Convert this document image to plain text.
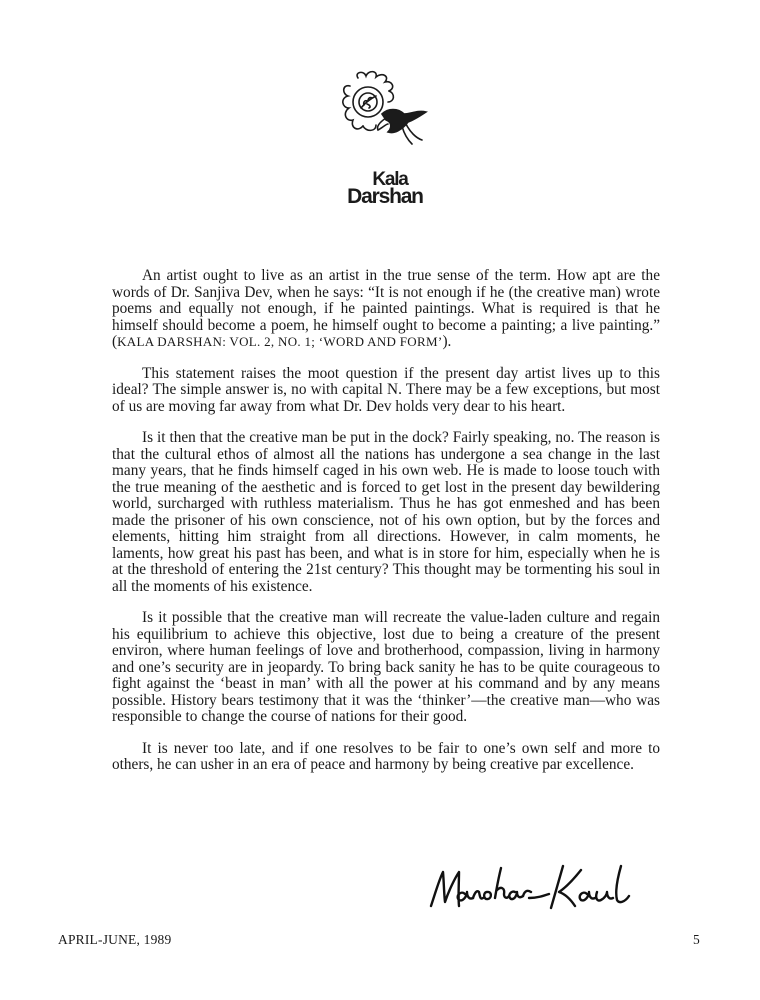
Kala
Darshan

An artist ought to live as an artist in the true sense of the term. How apt are the words of Dr. Sanjiva Dev, when he says: “It is not enough if he (the creative man) wrote poems and equally not enough, if he painted paintings. What is required is that he himself should become a poem, he himself ought to become a painting; a live painting.” (KALA DARSHAN: VOL. 2, NO. 1; ‘WORD AND FORM’).

This statement raises the moot question if the present day artist lives up to this ideal? The simple answer is, no with capital N. There may be a few exceptions, but most of us are moving far away from what Dr. Dev holds very dear to his heart.

Is it then that the creative man be put in the dock? Fairly speaking, no. The reason is that the cultural ethos of almost all the nations has undergone a sea change in the last many years, that he finds himself caged in his own web. He is made to loose touch with the true meaning of the aesthetic and is forced to get lost in the present day bewildering world, surcharged with ruthless materialism. Thus he has got enmeshed and has been made the prisoner of his own conscience, not of his own option, but by the forces and elements, hitting him straight from all directions. However, in calm moments, he laments, how great his past has been, and what is in store for him, especially when he is at the threshold of entering the 21st century? This thought may be tormenting his soul in all the moments of his existence.

Is it possible that the creative man will recreate the value-laden culture and regain his equilibrium to achieve this objective, lost due to being a creature of the present environ, where human feelings of love and brotherhood, compassion, living in harmony and one’s security are in jeopardy. To bring back sanity he has to be quite courageous to fight against the ‘beast in man’ with all the power at his command and by any means possible. History bears testimony that it was the ‘thinker’—the creative man—who was responsible to change the course of nations for their good.

It is never too late, and if one resolves to be fair to one’s own self and more to others, he can usher in an era of peace and harmony by being creative par excellence.

APRIL-JUNE, 1989	5
